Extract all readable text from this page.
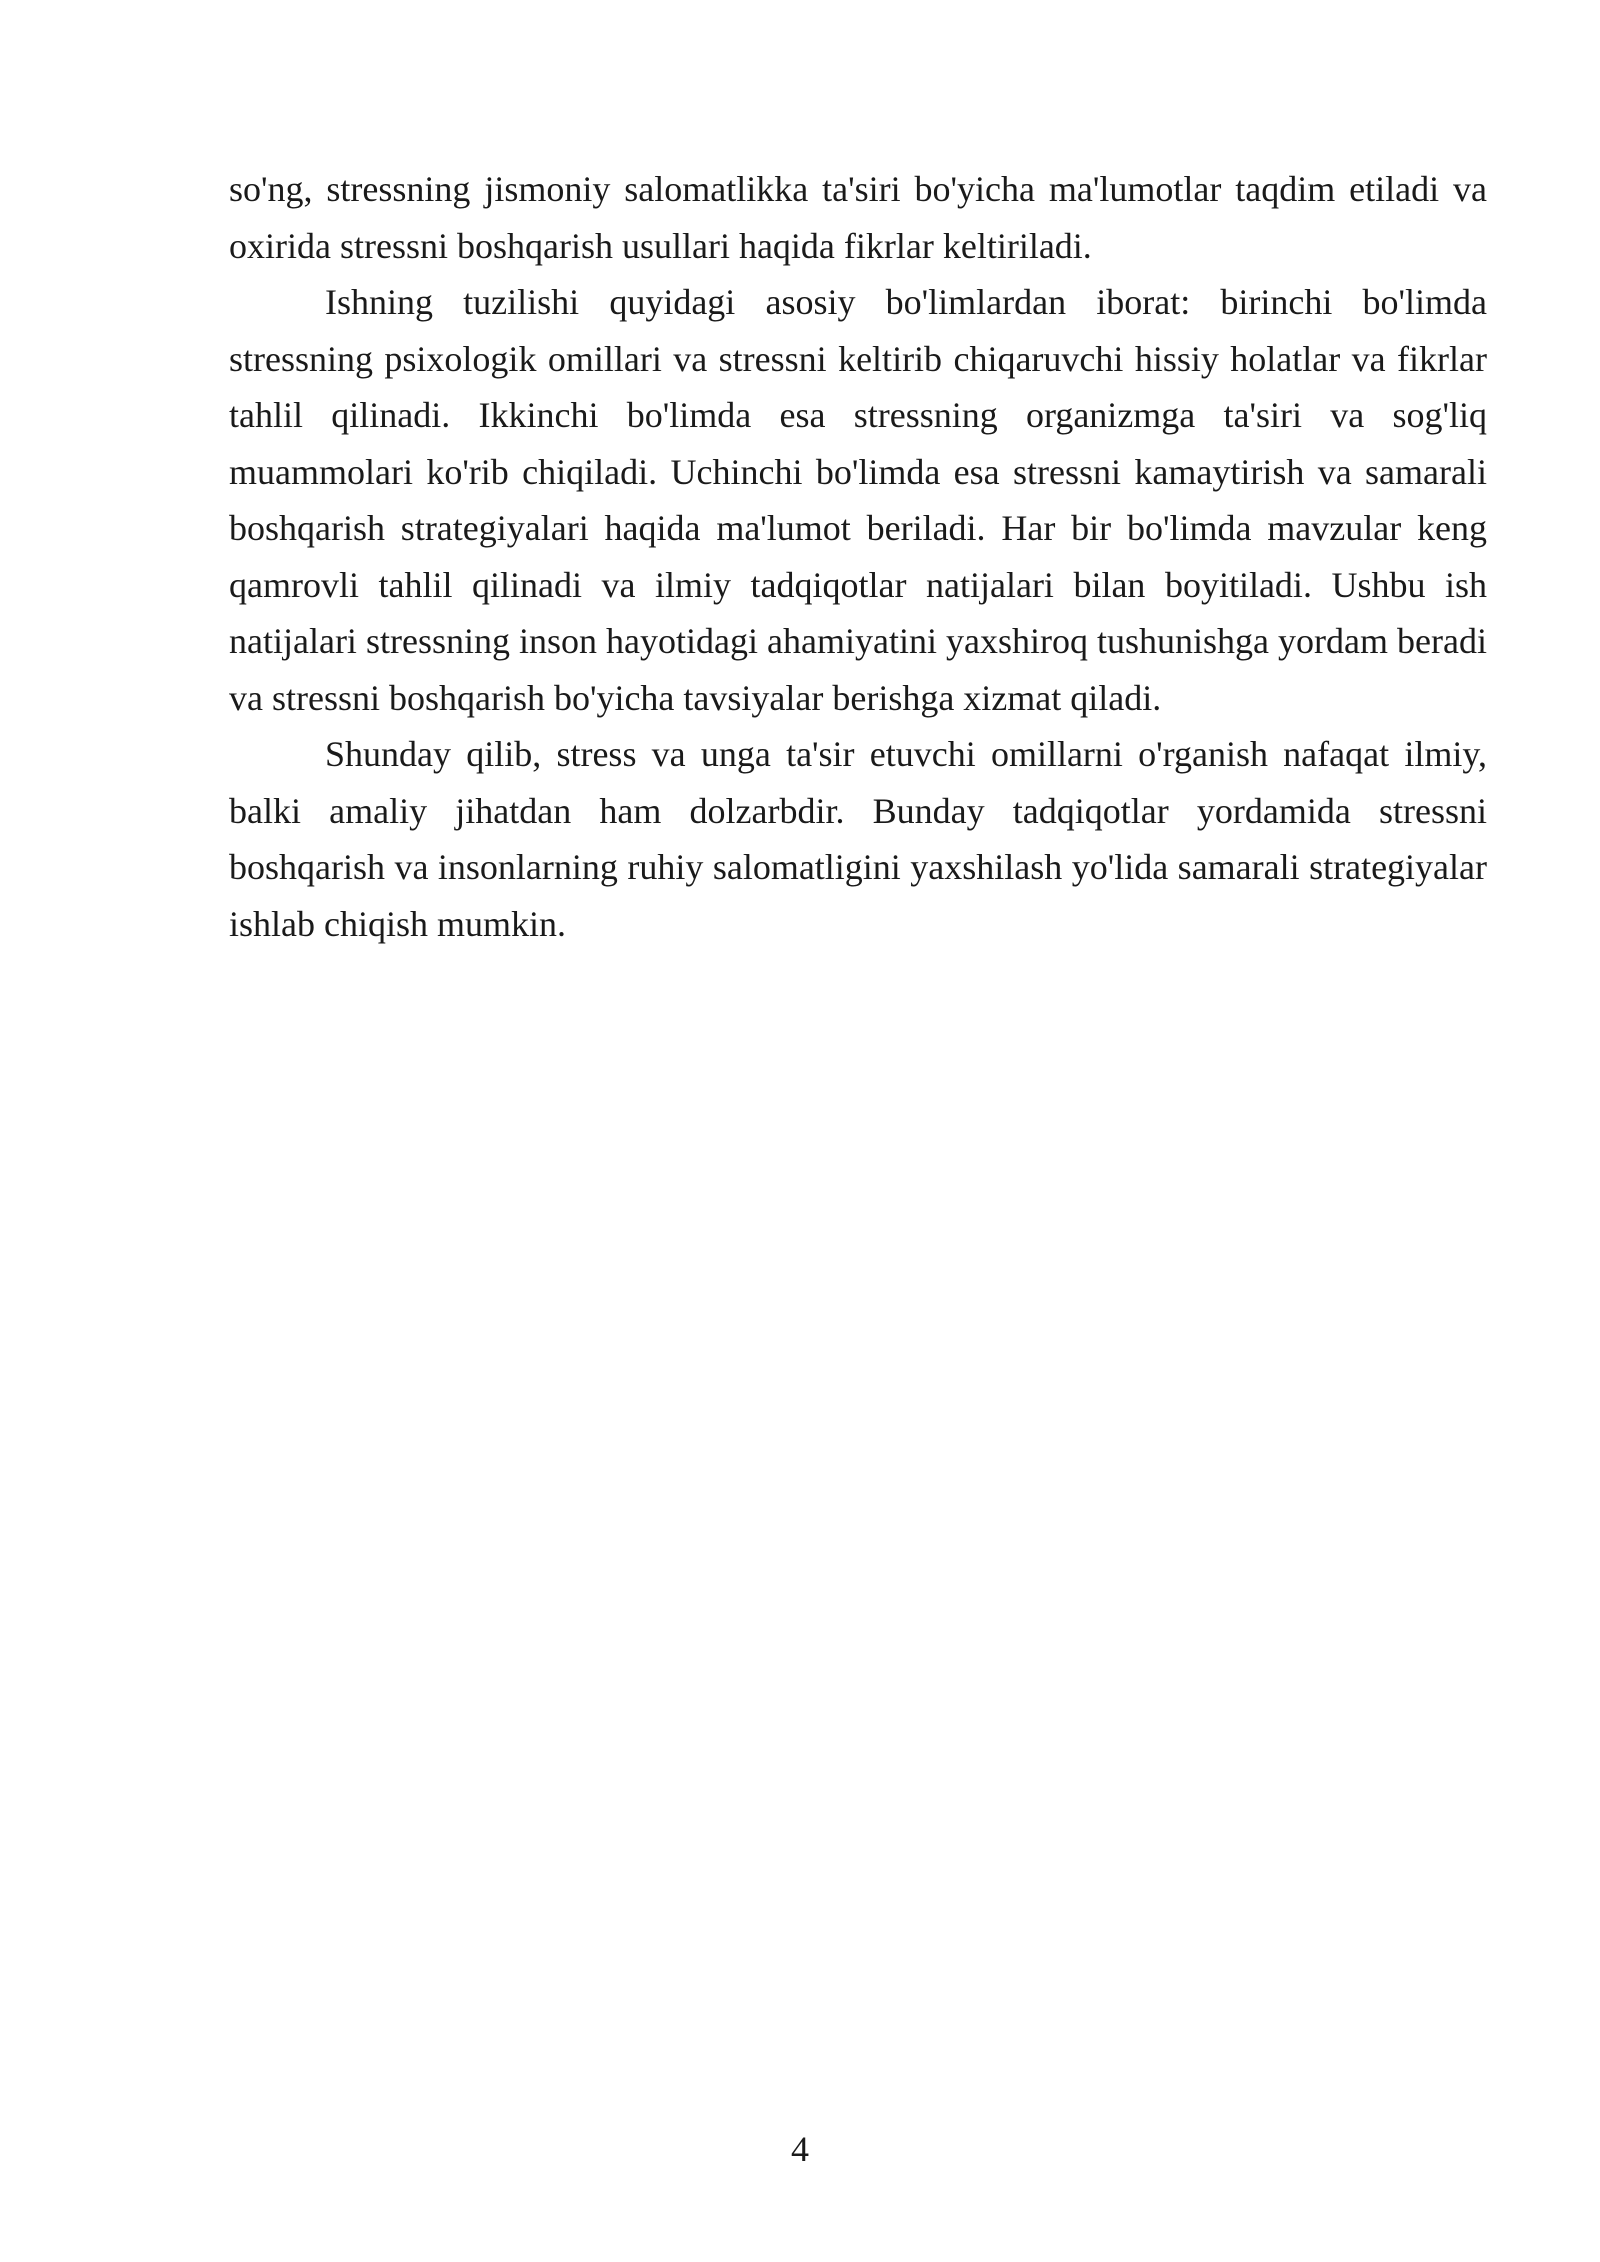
so'ng, stressning jismoniy salomatlikka ta'siri bo'yicha ma'lumotlar taqdim etiladi va oxirida stressni boshqarish usullari haqida fikrlar keltiriladi.

Ishning tuzilishi quyidagi asosiy bo'limlardan iborat: birinchi bo'limda stressning psixologik omillari va stressni keltirib chiqaruvchi hissiy holatlar va fikrlar tahlil qilinadi. Ikkinchi bo'limda esa stressning organizmga ta'siri va sog'liq muammolari ko'rib chiqiladi. Uchinchi bo'limda esa stressni kamaytirish va samarali boshqarish strategiyalari haqida ma'lumot beriladi. Har bir bo'limda mavzular keng qamrovli tahlil qilinadi va ilmiy tadqiqotlar natijalari bilan boyitiladi. Ushbu ish natijalari stressning inson hayotidagi ahamiyatini yaxshiroq tushunishga yordam beradi va stressni boshqarish bo'yicha tavsiyalar berishga xizmat qiladi.

Shunday qilib, stress va unga ta'sir etuvchi omillarni o'rganish nafaqat ilmiy, balki amaliy jihatdan ham dolzarbdir. Bunday tadqiqotlar yordamida stressni boshqarish va insonlarning ruhiy salomatligini yaxshilash yo'lida samarali strategiyalar ishlab chiqish mumkin.

4
